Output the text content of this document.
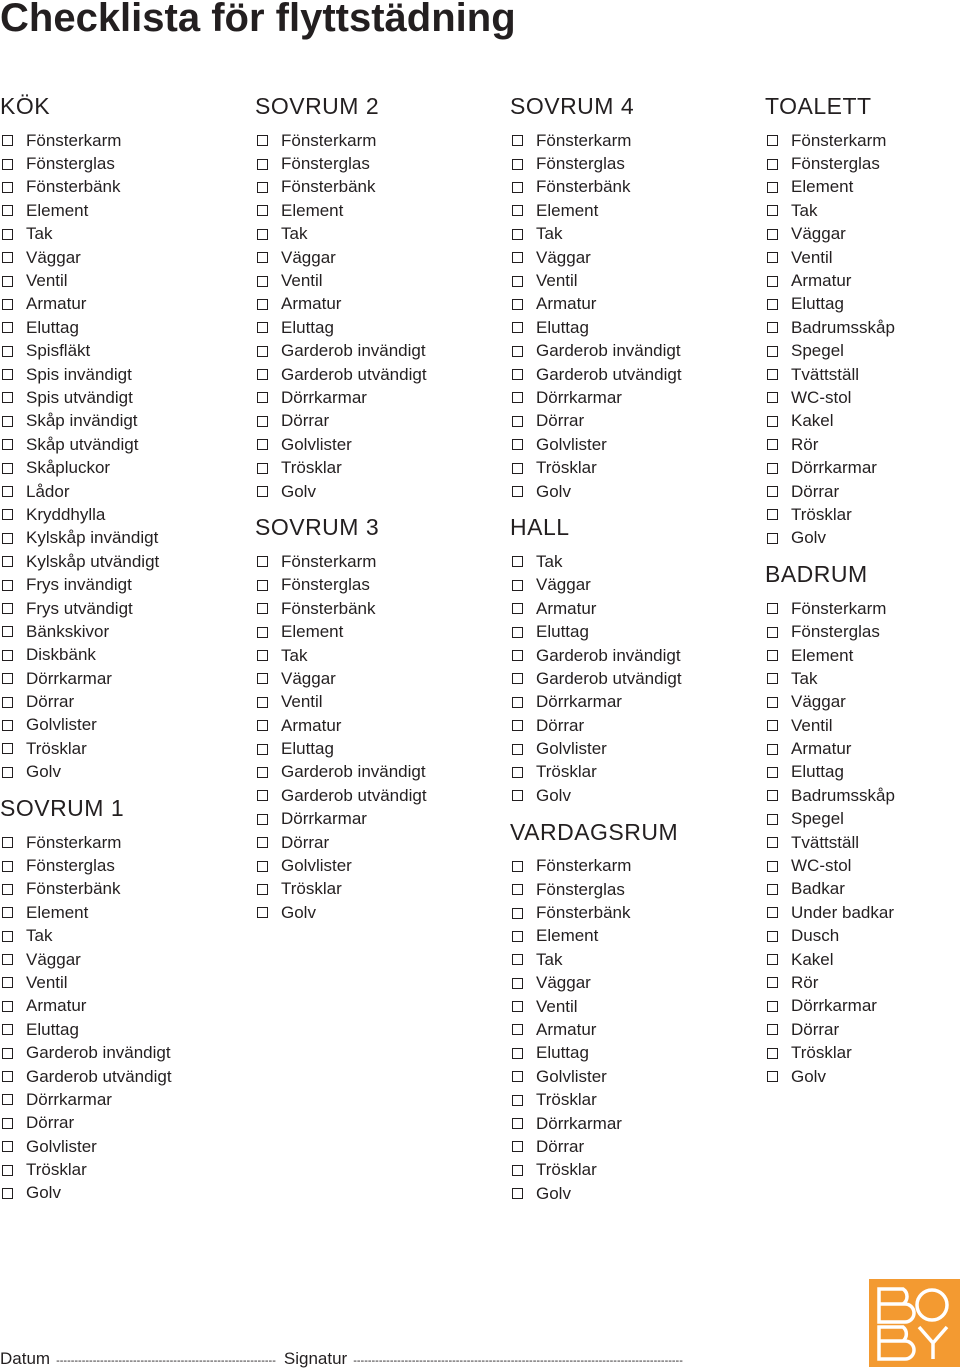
Checklista för flyttstädning
KÖK
Fönsterkarm
Fönsterglas
Fönsterbänk
Element
Tak
Väggar
Ventil
Armatur
Eluttag
Spisfläkt
Spis invändigt
Spis utvändigt
Skåp invändigt
Skåp utvändigt
Skåpluckor
Lådor
Kryddhylla
Kylskåp invändigt
Kylskåp utvändigt
Frys invändigt
Frys utvändigt
Bänkskivor
Diskbänk
Dörrkarmar
Dörrar
Golvlister
Trösklar
Golv
SOVRUM 1
Fönsterkarm
Fönsterglas
Fönsterbänk
Element
Tak
Väggar
Ventil
Armatur
Eluttag
Garderob invändigt
Garderob utvändigt
Dörrkarmar
Dörrar
Golvlister
Trösklar
Golv
SOVRUM 2
Fönsterkarm
Fönsterglas
Fönsterbänk
Element
Tak
Väggar
Ventil
Armatur
Eluttag
Garderob invändigt
Garderob utvändigt
Dörrkarmar
Dörrar
Golvlister
Trösklar
Golv
SOVRUM 3
Fönsterkarm
Fönsterglas
Fönsterbänk
Element
Tak
Väggar
Ventil
Armatur
Eluttag
Garderob invändigt
Garderob utvändigt
Dörrkarmar
Dörrar
Golvlister
Trösklar
Golv
SOVRUM 4
Fönsterkarm
Fönsterglas
Fönsterbänk
Element
Tak
Väggar
Ventil
Armatur
Eluttag
Garderob invändigt
Garderob utvändigt
Dörrkarmar
Dörrar
Golvlister
Trösklar
Golv
HALL
Tak
Väggar
Armatur
Eluttag
Garderob invändigt
Garderob utvändigt
Dörrkarmar
Dörrar
Golvlister
Trösklar
Golv
VARDAGSRUM
Fönsterkarm
Fönsterglas
Fönsterbänk
Element
Tak
Väggar
Ventil
Armatur
Eluttag
Golvlister
Trösklar
Dörrkarmar
Dörrar
Trösklar
Golv
TOALETT
Fönsterkarm
Fönsterglas
Element
Tak
Väggar
Ventil
Armatur
Eluttag
Badrumsskåp
Spegel
Tvättställ
WC-stol
Kakel
Rör
Dörrkarmar
Dörrar
Trösklar
Golv
BADRUM
Fönsterkarm
Fönsterglas
Element
Tak
Väggar
Ventil
Armatur
Eluttag
Badrumsskåp
Spegel
Tvättställ
WC-stol
Badkar
Under badkar
Dusch
Kakel
Rör
Dörrkarmar
Dörrar
Trösklar
Golv
Datum ------------------------------------------------------------ Signatur ------------------------------------------------------------------------------------------
